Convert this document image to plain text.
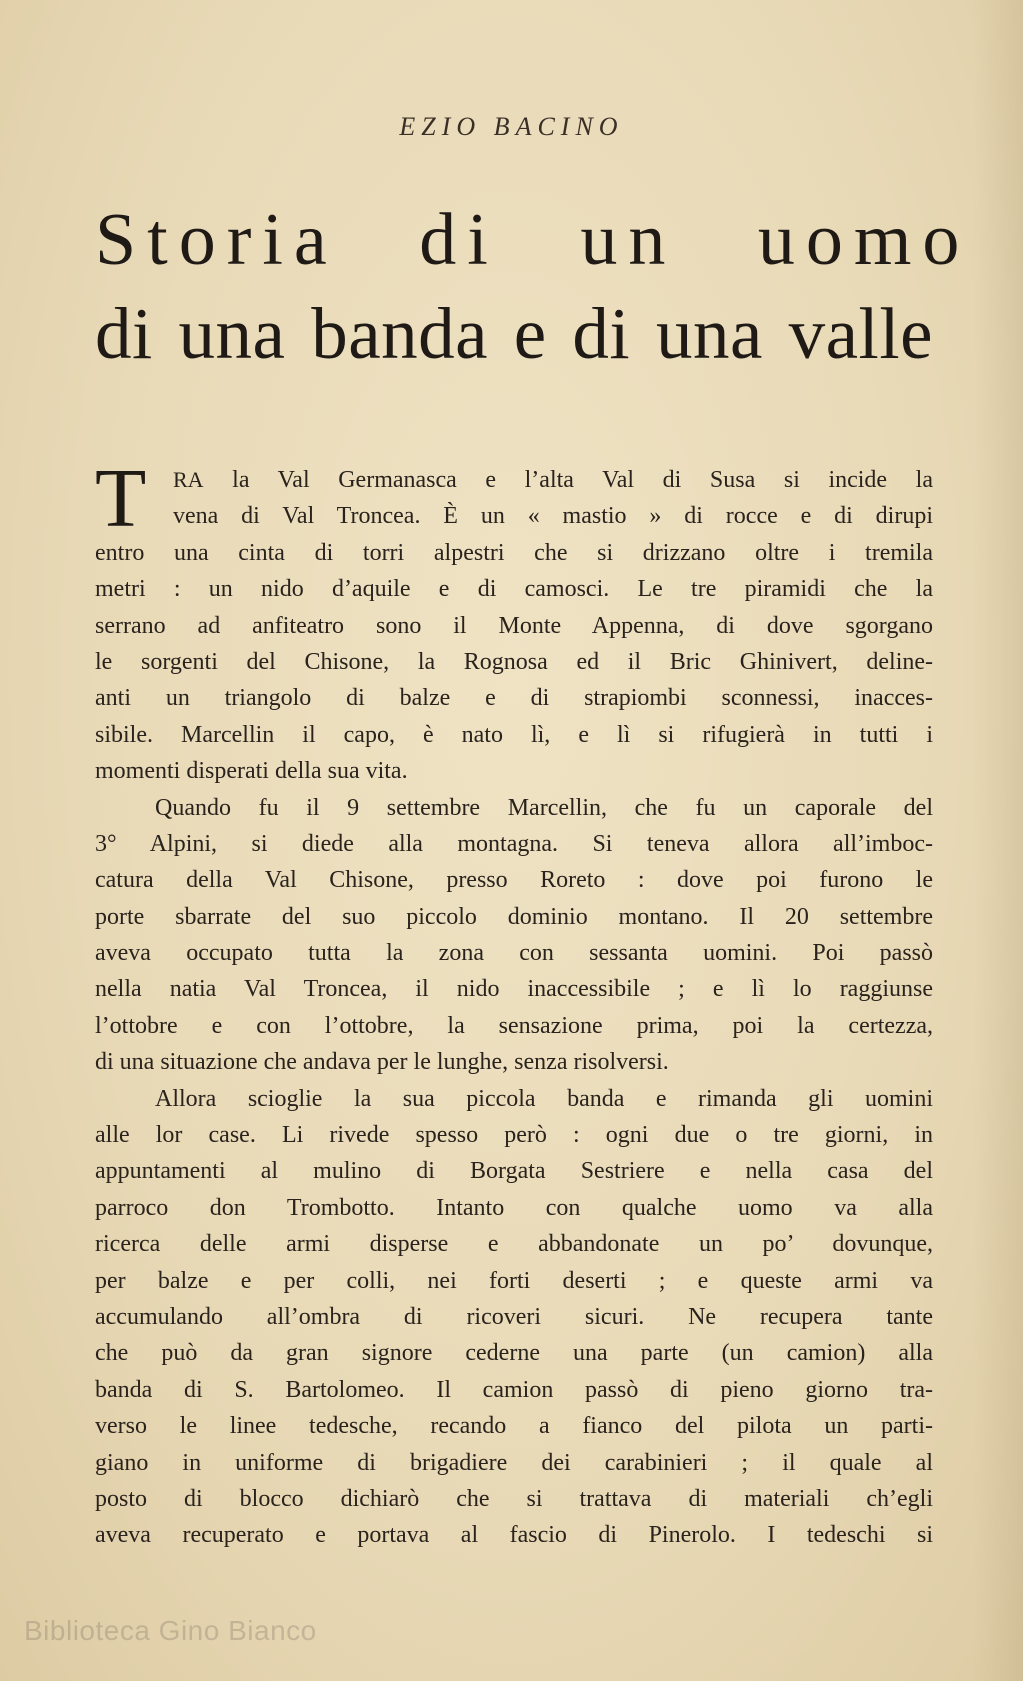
EZIO BACINO
Storia di un uomo
di una banda e di una valle
T	RA la Val Germanasca e l’alta Val di Susa si incide la
vena di Val Troncea. È un « mastio » di rocce e di dirupi
entro una cinta di torri alpestri che si drizzano oltre i tremila
metri : un nido d’aquile e di camosci. Le tre piramidi che la
serrano ad anfiteatro sono il Monte Appenna, di dove sgorgano
le sorgenti del Chisone, la Rognosa ed il Bric Ghinivert, deline-
anti un triangolo di balze e di strapiombi sconnessi, inacces-
sibile. Marcellin il capo, è nato lì, e lì si rifugierà in tutti i
momenti disperati della sua vita.
Quando fu il 9 settembre Marcellin, che fu un caporale del
3° Alpini, si diede alla montagna. Si teneva allora all’imboc-
catura della Val Chisone, presso Roreto : dove poi furono le
porte sbarrate del suo piccolo dominio montano. Il 20 settembre
aveva occupato tutta la zona con sessanta uomini. Poi passò
nella natia Val Troncea, il nido inaccessibile ; e lì lo raggiunse
l’ottobre e con l’ottobre, la sensazione prima, poi la certezza,
di una situazione che andava per le lunghe, senza risolversi.
Allora scioglie la sua piccola banda e rimanda gli uomini
alle lor case. Li rivede spesso però : ogni due o tre giorni, in
appuntamenti al mulino di Borgata Sestriere e nella casa del
parroco don Trombotto. Intanto con qualche uomo va alla
ricerca delle armi disperse e abbandonate un po’ dovunque,
per balze e per colli, nei forti deserti ; e queste armi va
accumulando all’ombra di ricoveri sicuri. Ne recupera tante
che può da gran signore cederne una parte (un camion) alla
banda di S. Bartolomeo. Il camion passò di pieno giorno tra-
verso le linee tedesche, recando a fianco del pilota un parti-
giano in uniforme di brigadiere dei carabinieri ; il quale al
posto di blocco dichiarò che si trattava di materiali ch’egli
aveva recuperato e portava al fascio di Pinerolo. I tedeschi si
Biblioteca Gino Bianco
